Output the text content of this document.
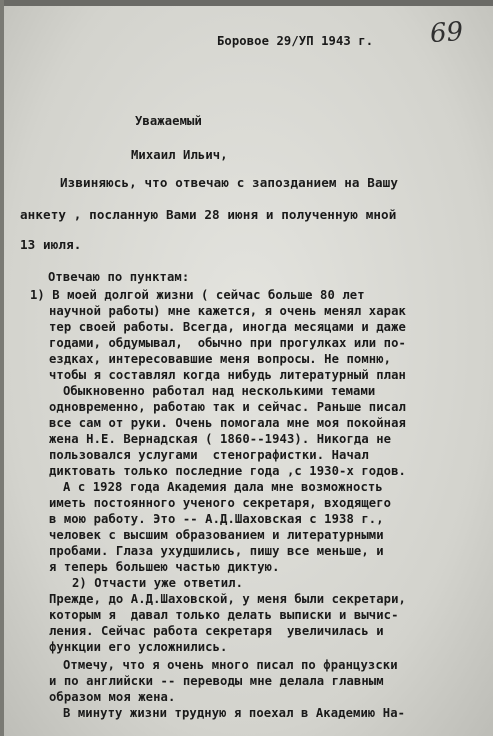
69
Боровое 29/УП 1943 г.
Уважаемый
Михаил Ильич,
Извиняюсь, что отвечаю с запозданием на Вашу
анкету , посланную Вами 28 июня и полученную мной
13 июля.
Отвечаю по пунктам:
1) В моей долгой жизни ( сейчас больше 80 лет
научной работы) мне кажется, я очень менял харак
тер своей работы. Всегда, иногда месяцами и даже
годами, обдумывал,  обычно при прогулках или по-
ездках, интересовавшие меня вопросы. Не помню,
чтобы я составлял когда нибудь литературный план
Обыкновенно работал над несколькими темами
одновременно, работаю так и сейчас. Раньше писал
все сам от руки. Очень помогала мне моя покойная
жена Н.Е. Вернадская ( 1860--1943). Никогда не
пользовался услугами  стенографистки. Начал
диктовать только последние года ,с 1930-х годов.
А с 1928 года Академия дала мне возможность
иметь постоянного ученого секретаря, входящего
в мою работу. Это -- А.Д.Шаховская с 1938 г.,
человек с высшим образованием и литературными
пробами. Глаза ухудшились, пишу все меньше, и
я теперь большею частью диктую.
2) Отчасти уже ответил.
Прежде, до А.Д.Шаховской, у меня были секретари,
которым я  давал только делать выписки и вычис-
ления. Сейчас работа секретаря  увеличилась и
функции его усложнились.
Отмечу, что я очень много писал по французски
и по английски -- переводы мне делала главным
образом моя жена.
В минуту жизни трудную я поехал в Академию На-
